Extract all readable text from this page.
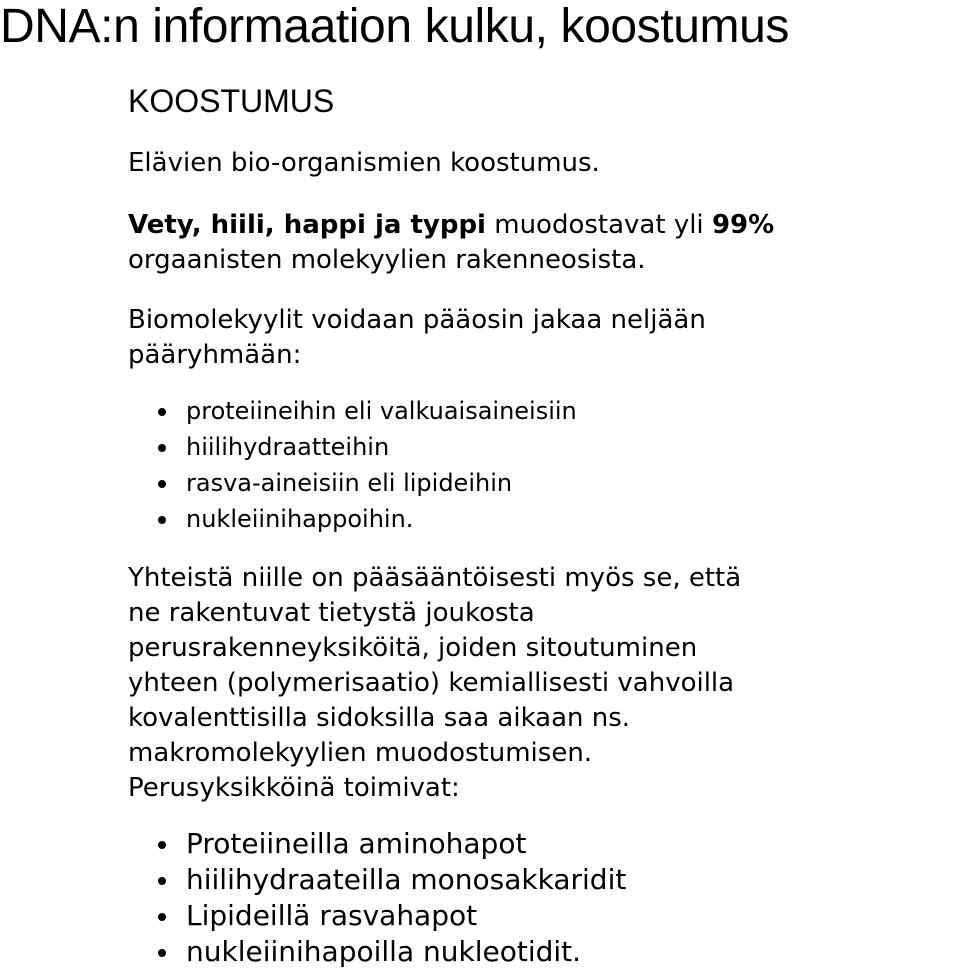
DNA:n informaation kulku, koostumus
KOOSTUMUS
Elävien bio-organismien koostumus.
Vety, hiili, happi ja typpi muodostavat yli 99%
orgaanisten molekyylien rakenneosista.
Biomolekyylit voidaan pääosin jakaa neljään
pääryhmään:
proteiineihin eli valkuaisaineisiin
hiilihydraatteihin
rasva-aineisiin eli lipideihin
nukleiinihappoihin.
Yhteistä niille on pääsääntöisesti myös se, että
ne rakentuvat tietystä joukosta
perusrakenneyksiköitä, joiden sitoutuminen
yhteen (polymerisaatio) kemiallisesti vahvoilla
kovalenttisilla sidoksilla saa aikaan ns.
makromolekyylien muodostumisen.
Perusyksikköinä toimivat:
Proteiineilla aminohapot
hiilihydraateilla monosakkaridit
Lipideillä rasvahapot
nukleiinihapoilla nukleotidit.
